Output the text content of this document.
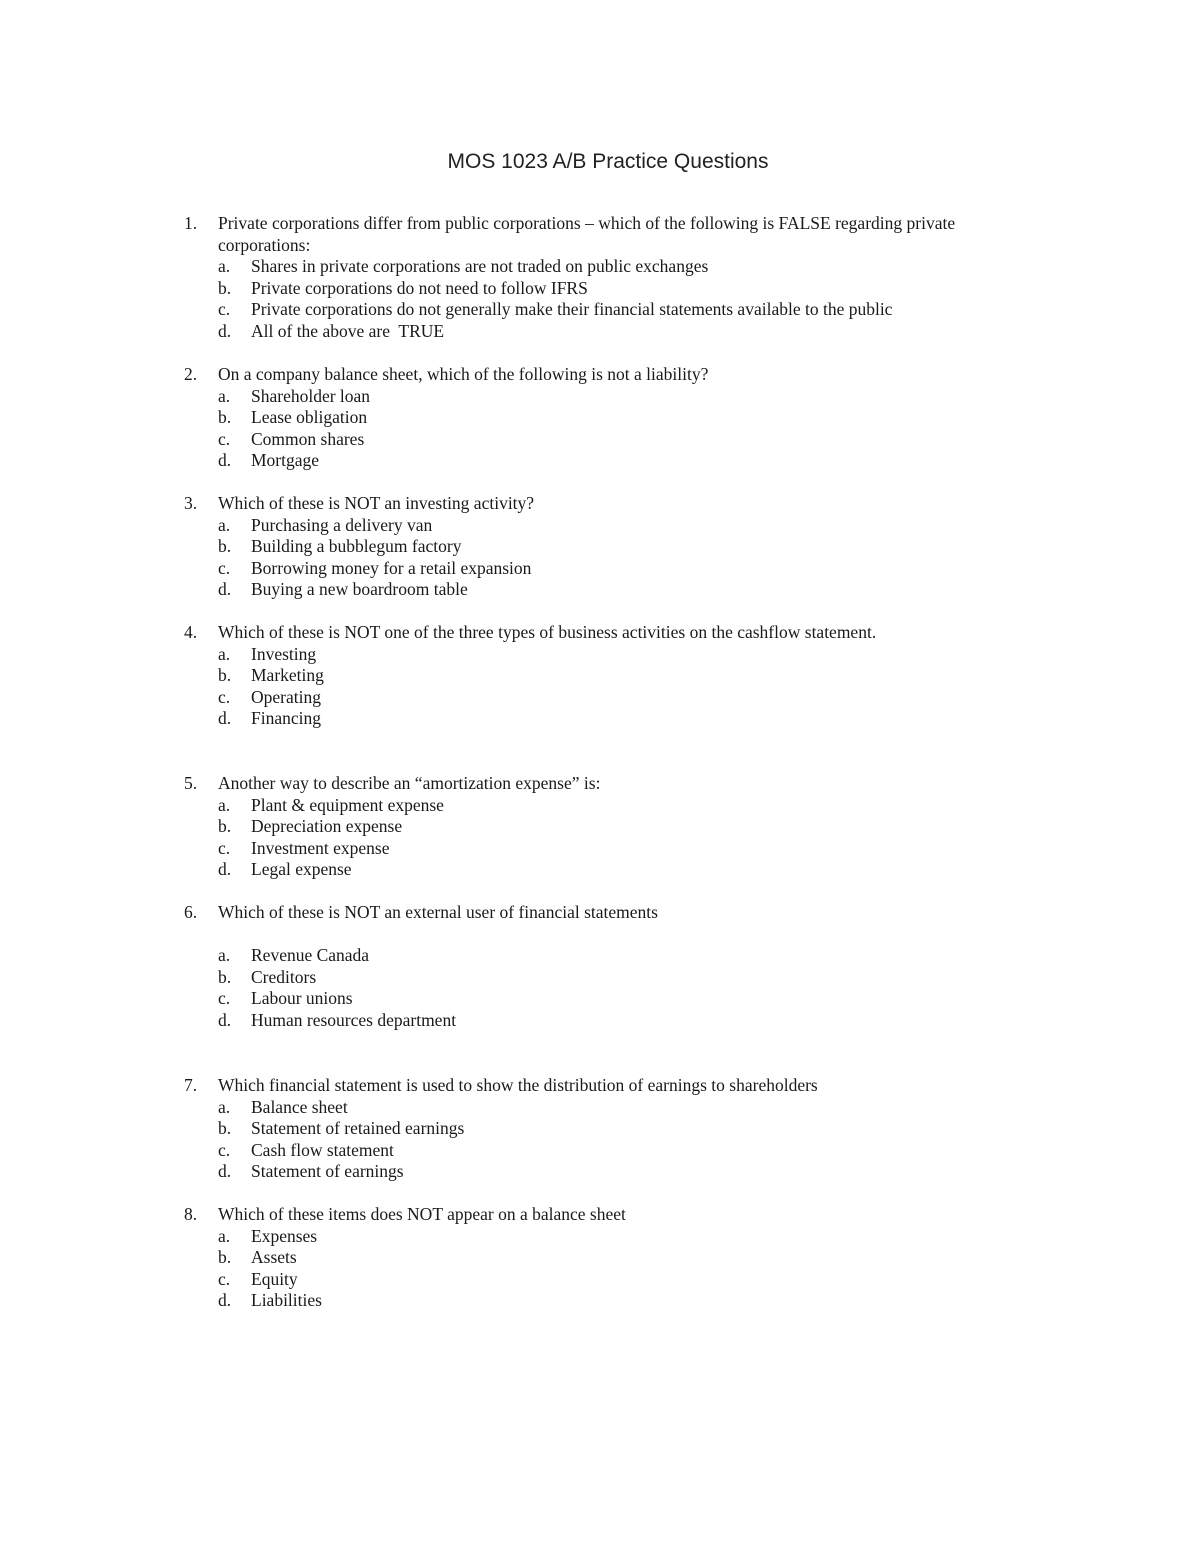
MOS 1023 A/B Practice Questions
1.	Private corporations differ from public corporations – which of the following is FALSE regarding private corporations:
a.	Shares in private corporations are not traded on public exchanges
b.	Private corporations do not need to follow IFRS
c.	Private corporations do not generally make their financial statements available to the public
d.	All of the above are  TRUE
2.	On a company balance sheet, which of the following is not a liability?
a.	Shareholder loan
b.	Lease obligation
c.	Common shares
d.	Mortgage
3.	Which of these is NOT an investing activity?
a.	Purchasing a delivery van
b.	Building a bubblegum factory
c.	Borrowing money for a retail expansion
d.	Buying a new boardroom table
4.	Which of these is NOT one of the three types of business activities on the cashflow statement.
a.	Investing
b.	Marketing
c.	Operating
d.	Financing
5.	Another way to describe an “amortization expense” is:
a.	Plant & equipment expense
b.	Depreciation expense
c.	Investment expense
d.	Legal expense
6.	Which of these is NOT an external user of financial statements
a.	Revenue Canada
b.	Creditors
c.	Labour unions
d.	Human resources department
7.	Which financial statement is used to show the distribution of earnings to shareholders
a.	Balance sheet
b.	Statement of retained earnings
c.	Cash flow statement
d.	Statement of earnings
8.	Which of these items does NOT appear on a balance sheet
a.	Expenses
b.	Assets
c.	Equity
d.	Liabilities
